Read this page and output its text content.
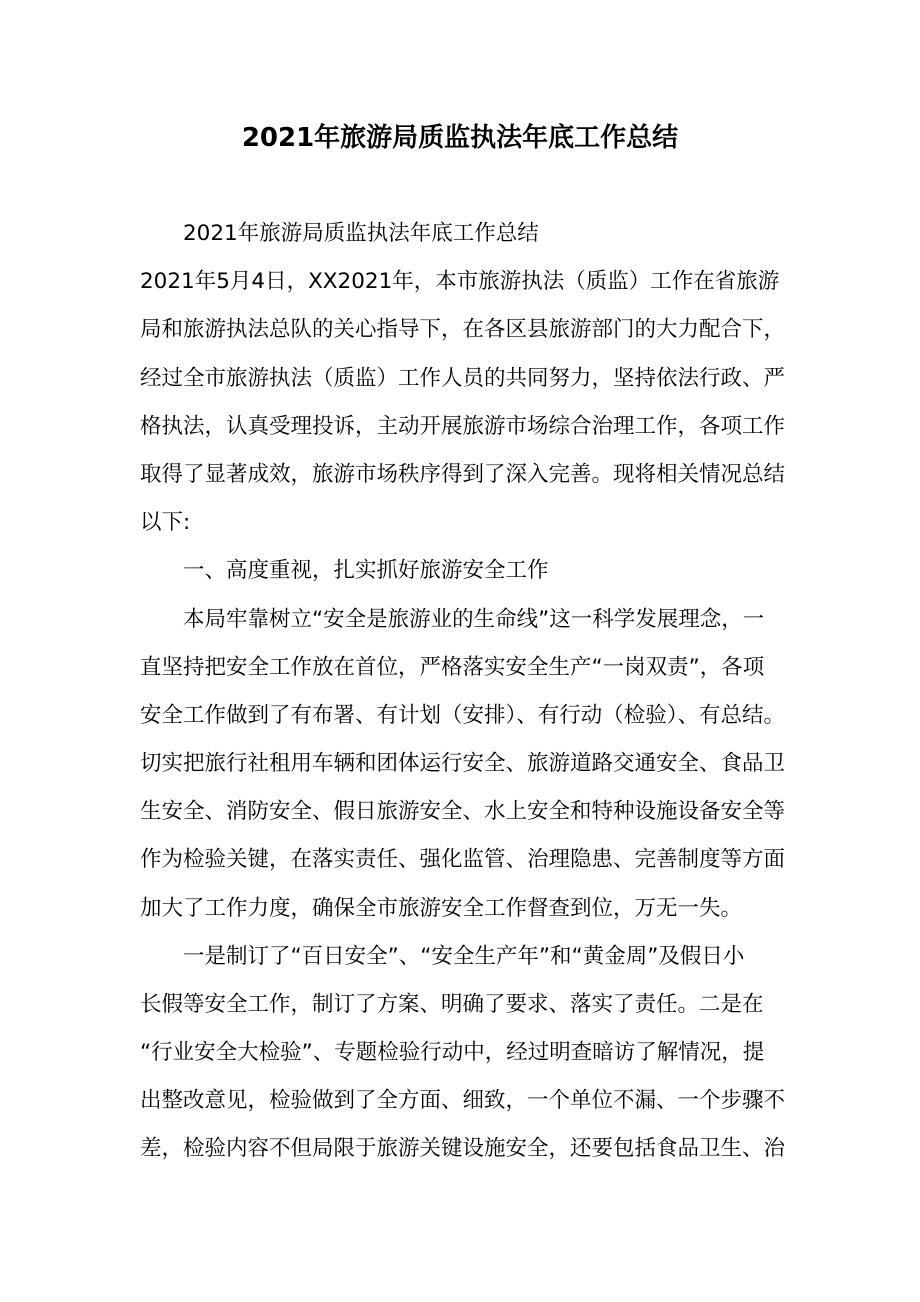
2021年旅游局质监执法年底工作总结
2021年旅游局质监执法年底工作总结
2021年5月4日，XX2021年，本市旅游执法（质监）工作在省旅游
局和旅游执法总队的关心指导下，在各区县旅游部门的大力配合下，
经过全市旅游执法（质监）工作人员的共同努力，坚持依法行政、严
格执法，认真受理投诉，主动开展旅游市场综合治理工作，各项工作
取得了显著成效，旅游市场秩序得到了深入完善。现将相关情况总结
以下:
一、高度重视，扎实抓好旅游安全工作
本局牢靠树立“安全是旅游业的生命线”这一科学发展理念，一
直坚持把安全工作放在首位，严格落实安全生产“一岗双责”，各项
安全工作做到了有布署、有计划（安排）、有行动（检验）、有总结。
切实把旅行社租用车辆和团体运行安全、旅游道路交通安全、食品卫
生安全、消防安全、假日旅游安全、水上安全和特种设施设备安全等
作为检验关键，在落实责任、强化监管、治理隐患、完善制度等方面
加大了工作力度，确保全市旅游安全工作督查到位，万无一失。
一是制订了“百日安全”、“安全生产年”和“黄金周”及假日小
长假等安全工作，制订了方案、明确了要求、落实了责任。二是在
“行业安全大检验”、专题检验行动中，经过明查暗访了解情况，提
出整改意见，检验做到了全方面、细致，一个单位不漏、一个步骤不
差，检验内容不但局限于旅游关键设施安全，还要包括食品卫生、治
